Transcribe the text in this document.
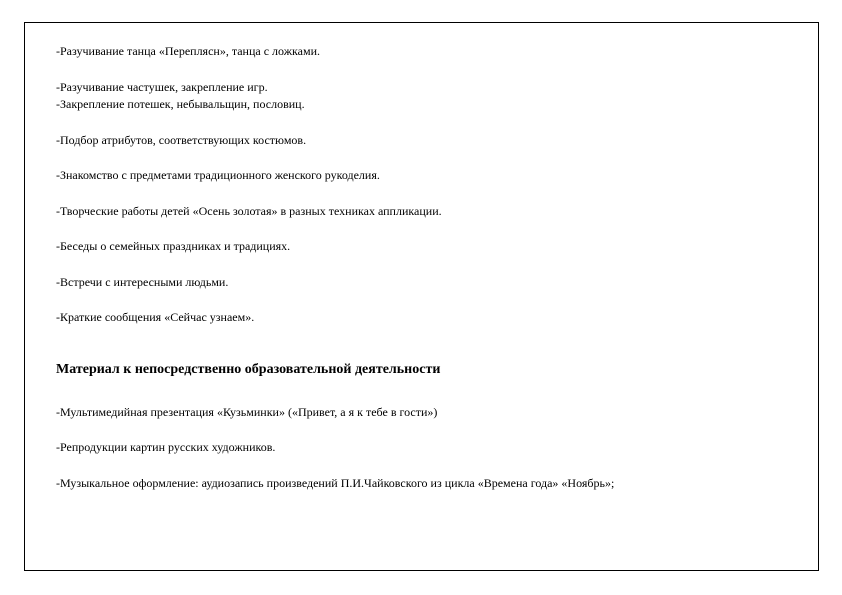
-Разучивание танца «Переплясн», танца с ложками.
-Разучивание частушек, закрепление игр.
-Закрепление потешек, небывальщин, пословиц.
-Подбор атрибутов, соответствующих костюмов.
-Знакомство с предметами традиционного женского рукоделия.
-Творческие работы детей «Осень золотая» в разных техниках аппликации.
-Беседы о семейных праздниках и традициях.
-Встречи с интересными людьми.
-Краткие сообщения «Сейчас узнаем».
Материал к непосредственно образовательной деятельности
-Мультимедийная презентация «Кузьминки» («Привет, а я к тебе в гости»)
-Репродукции картин русских художников.
-Музыкальное оформление: аудиозапись произведений П.И.Чайковского из цикла «Времена года» «Ноябрь»;
